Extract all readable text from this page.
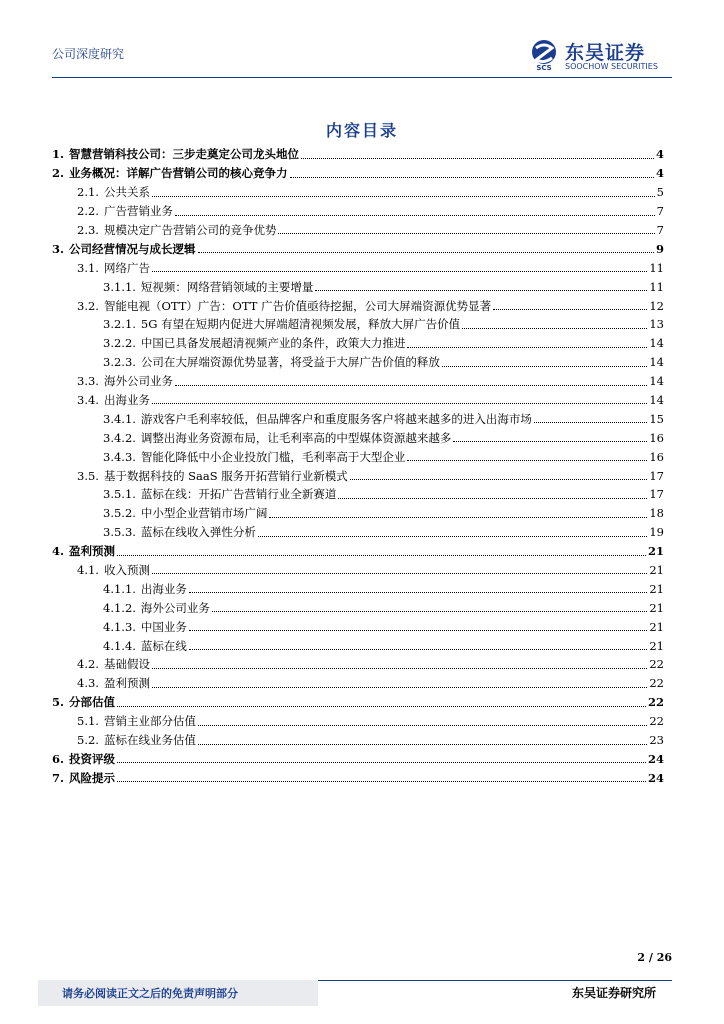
公司深度研究
SCS
东吴证券
SOOCHOW SECURITIES
内容目录
1. 智慧营销科技公司：三步走奠定公司龙头地位	4
2. 业务概况：详解广告营销公司的核心竞争力	4
2.1. 公共关系	5
2.2. 广告营销业务	7
2.3. 规模决定广告营销公司的竞争优势	7
3. 公司经营情况与成长逻辑	9
3.1. 网络广告	11
3.1.1. 短视频：网络营销领域的主要增量	11
3.2. 智能电视（OTT）广告：OTT 广告价值亟待挖掘，公司大屏端资源优势显著	12
3.2.1. 5G 有望在短期内促进大屏端超清视频发展，释放大屏广告价值	13
3.2.2. 中国已具备发展超清视频产业的条件，政策大力推进	14
3.2.3. 公司在大屏端资源优势显著，将受益于大屏广告价值的释放	14
3.3. 海外公司业务	14
3.4. 出海业务	14
3.4.1. 游戏客户毛利率较低，但品牌客户和重度服务客户将越来越多的进入出海市场	15
3.4.2. 调整出海业务资源布局，让毛利率高的中型媒体资源越来越多	16
3.4.3. 智能化降低中小企业投放门槛，毛利率高于大型企业	16
3.5. 基于数据科技的 SaaS 服务开拓营销行业新模式	17
3.5.1. 蓝标在线：开拓广告营销行业全新赛道	17
3.5.2. 中小型企业营销市场广阔	18
3.5.3. 蓝标在线收入弹性分析	19
4. 盈利预测	21
4.1. 收入预测	21
4.1.1. 出海业务	21
4.1.2. 海外公司业务	21
4.1.3. 中国业务	21
4.1.4. 蓝标在线	21
4.2. 基础假设	22
4.3. 盈利预测	22
5. 分部估值	22
5.1. 营销主业部分估值	22
5.2. 蓝标在线业务估值	23
6. 投资评级	24
7. 风险提示	24
2 / 26
请务必阅读正文之后的免责声明部分	东吴证券研究所
